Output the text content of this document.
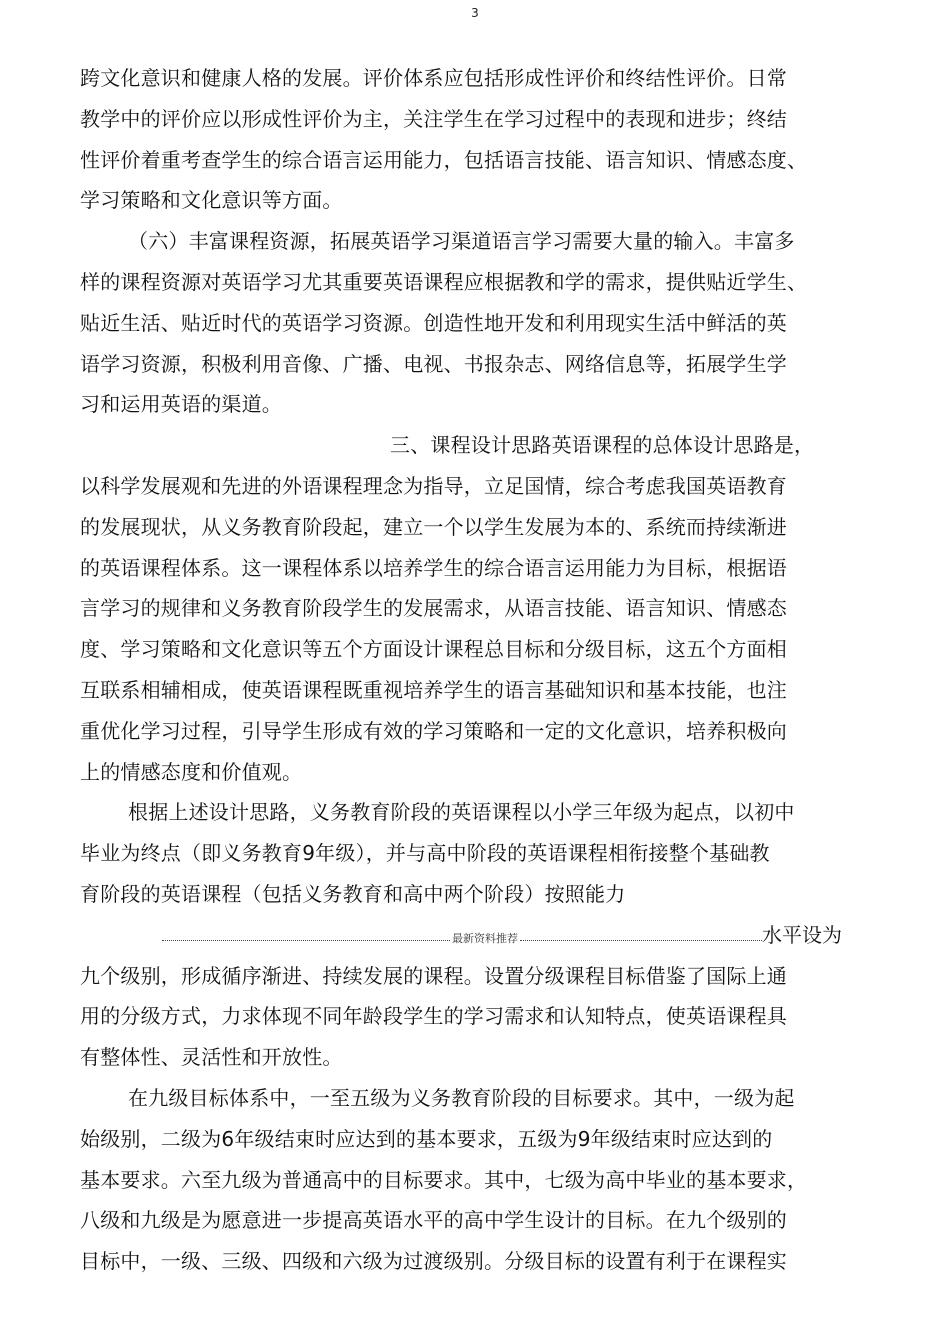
3
跨文化意识和健康人格的发展。评价体系应包括形成性评价和终结性评价。日常
教学中的评价应以形成性评价为主，关注学生在学习过程中的表现和进步；终结
性评价着重考查学生的综合语言运用能力，包括语言技能、语言知识、情感态度、
学习策略和文化意识等方面。
（六）丰富课程资源，拓展英语学习渠道语言学习需要大量的输入。丰富多
样的课程资源对英语学习尤其重要英语课程应根据教和学的需求，提供贴近学生、
贴近生活、贴近时代的英语学习资源。创造性地开发和利用现实生活中鲜活的英
语学习资源，积极利用音像、广播、电视、书报杂志、网络信息等，拓展学生学
习和运用英语的渠道。
三、课程设计思路英语课程的总体设计思路是，
以科学发展观和先进的外语课程理念为指导，立足国情，综合考虑我国英语教育
的发展现状，从义务教育阶段起，建立一个以学生发展为本的、系统而持续渐进
的英语课程体系。这一课程体系以培养学生的综合语言运用能力为目标，根据语
言学习的规律和义务教育阶段学生的发展需求，从语言技能、语言知识、情感态
度、学习策略和文化意识等五个方面设计课程总目标和分级目标，这五个方面相
互联系相辅相成，使英语课程既重视培养学生的语言基础知识和基本技能，也注
重优化学习过程，引导学生形成有效的学习策略和一定的文化意识，培养积极向
上的情感态度和价值观。
根据上述设计思路，义务教育阶段的英语课程以小学三年级为起点，以初中
毕业为终点（即义务教育9年级），并与高中阶段的英语课程相衔接整个基础教
育阶段的英语课程（包括义务教育和高中两个阶段）按照能力
最新资料推荐	水平设为
九个级别，形成循序渐进、持续发展的课程。设置分级课程目标借鉴了国际上通
用的分级方式，力求体现不同年龄段学生的学习需求和认知特点，使英语课程具
有整体性、灵活性和开放性。
在九级目标体系中，一至五级为义务教育阶段的目标要求。其中，一级为起
始级别，二级为6年级结束时应达到的基本要求，五级为9年级结束时应达到的
基本要求。六至九级为普通高中的目标要求。其中，七级为高中毕业的基本要求，
八级和九级是为愿意进一步提高英语水平的高中学生设计的目标。在九个级别的
目标中，一级、三级、四级和六级为过渡级别。分级目标的设置有利于在课程实
